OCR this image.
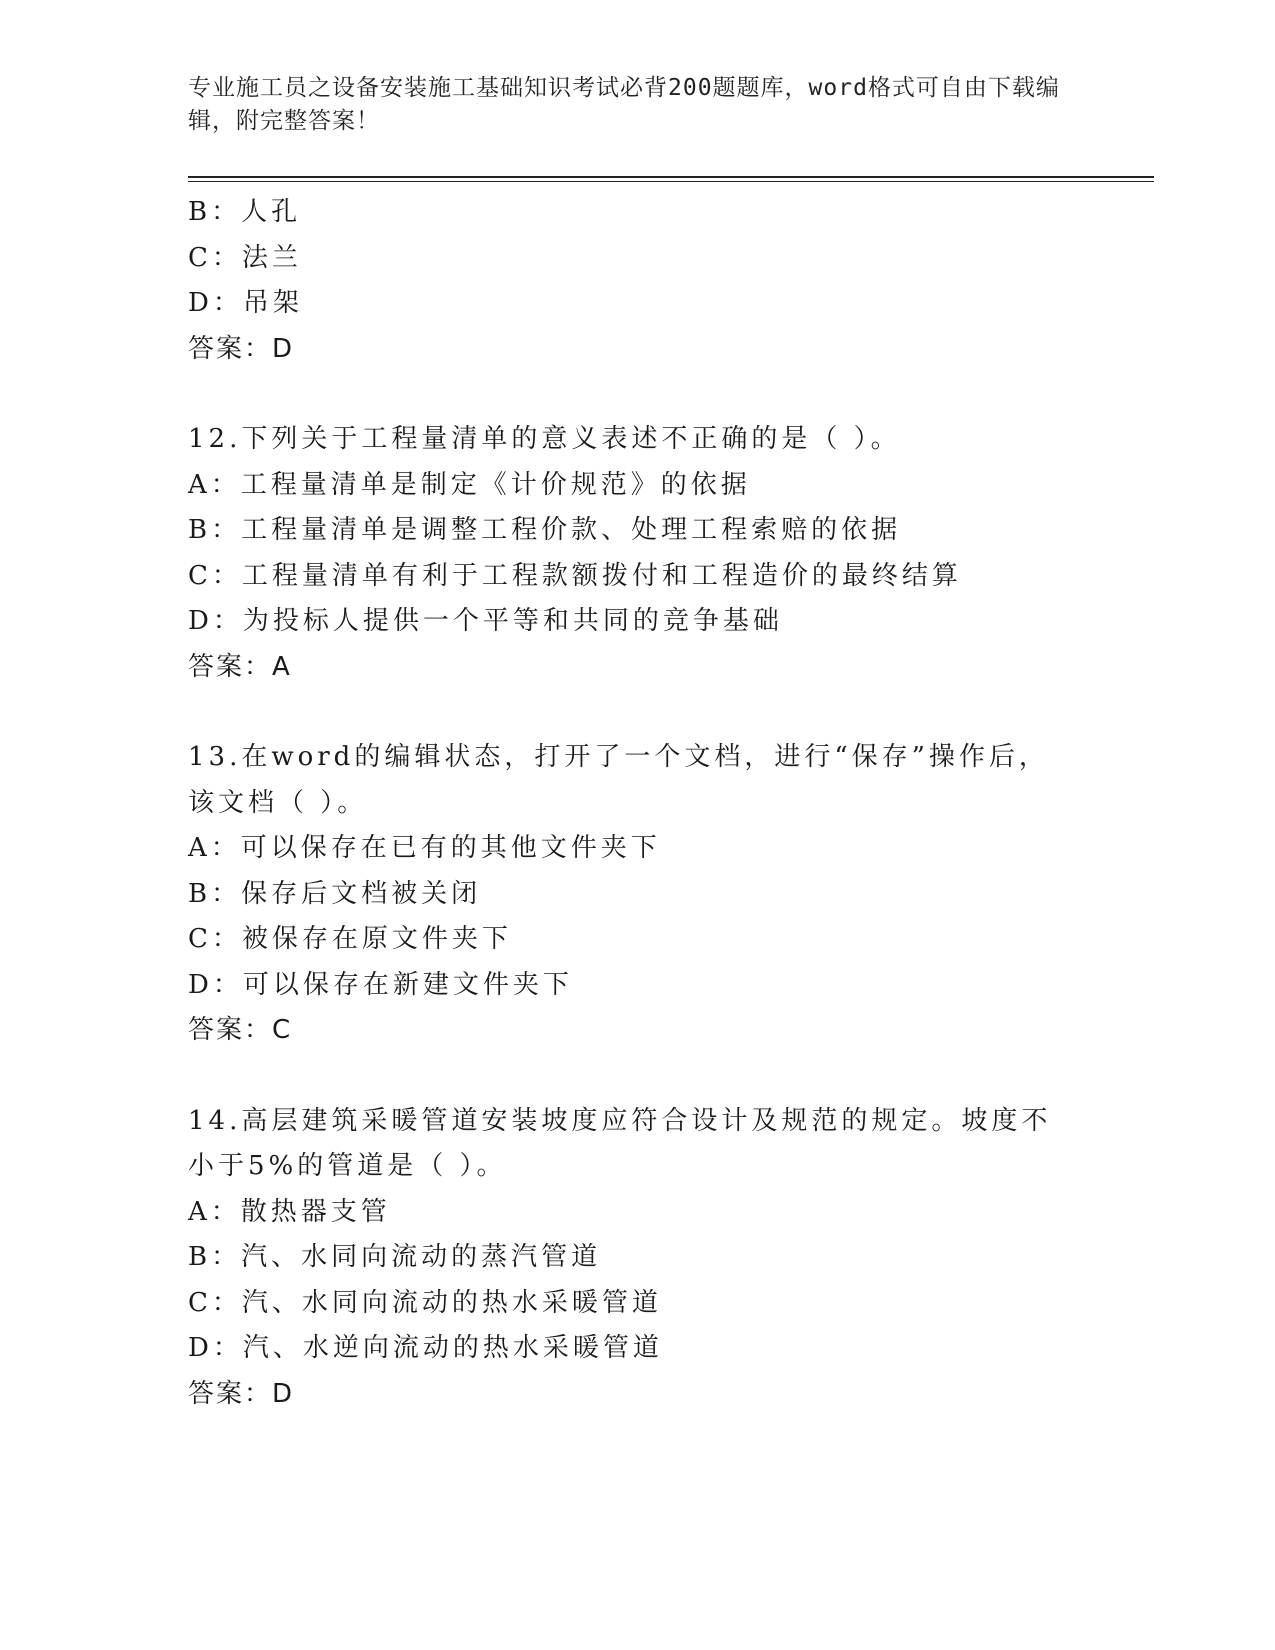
专业施工员之设备安装施工基础知识考试必背200题题库，word格式可自由下载编辑，附完整答案！
B：人孔
C：法兰
D：吊架
答案：D
12.下列关于工程量清单的意义表述不正确的是（ ）。
A：工程量清单是制定《计价规范》的依据
B：工程量清单是调整工程价款、处理工程索赔的依据
C：工程量清单有利于工程款额拨付和工程造价的最终结算
D：为投标人提供一个平等和共同的竞争基础
答案：A
13.在word的编辑状态，打开了一个文档，进行“保存”操作后，该文档（ ）。
A：可以保存在已有的其他文件夹下
B：保存后文档被关闭
C：被保存在原文件夹下
D：可以保存在新建文件夹下
答案：C
14.高层建筑采暖管道安装坡度应符合设计及规范的规定。坡度不小于5%的管道是（ ）。
A：散热器支管
B：汽、水同向流动的蒸汽管道
C：汽、水同向流动的热水采暖管道
D：汽、水逆向流动的热水采暖管道
答案：D
